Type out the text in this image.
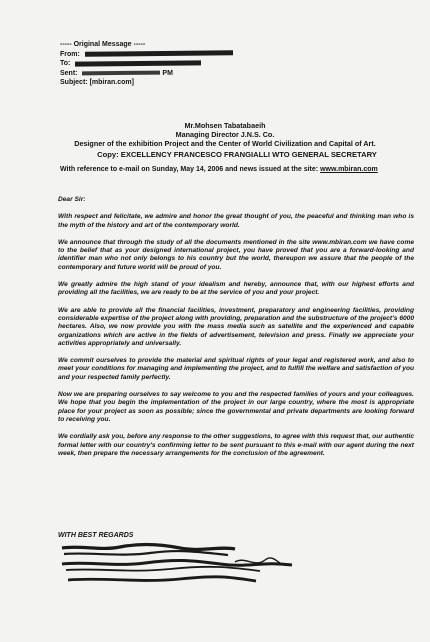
----- Original Message -----
From:
To:
Sent:	PM
Subject: [mbiran.com]
Mr.Mohsen Tabatabaeih
Managing Director J.N.S. Co.
Designer of the exhibition Project and the Center of World Civilization and Capital of Art.
Copy: EXCELLENCY FRANCESCO FRANGIALLI WTO GENERAL SECRETARY
With reference to e-mail on Sunday, May 14, 2006 and news issued at the site: www.mbiran.com

Dear Sir:

With respect and felicitate, we admire and honor the great thought of you, the peaceful and thinking man who is the myth of the history and art of the contemporary world.

We announce that through the study of all the documents mentioned in the site www.mbiran.com we have come to the belief that as your designed international project, you have proved that you are a forward-looking and identifier man who not only belongs to his country but the world, thereupon we assure that the people of the contemporary and future world will be proud of you.

We greatly admire the high stand of your idealism and hereby, announce that, with our highest efforts and providing all the facilities, we are ready to be at the service of you and your project.

We are able to provide all the financial facilities, investment, preparatory and engineering facilities, providing considerable expertise of the project along with providing, preparation and the substructure of the project's 6000 hectares. Also, we now provide you with the mass media such as satellite and the experienced and capable organizations which are active in the fields of advertisement, television and press. Finally we appreciate your activities appropriately and universally.

We commit ourselves to provide the material and spiritual rights of your legal and registered work, and also to meet your conditions for managing and implementing the project, and to fulfill the welfare and satisfaction of you and your respected family perfectly.

Now we are preparing ourselves to say welcome to you and the respected families of yours and your colleagues. We hope that you begin the implementation of the project in our large country, where the most is appropriate place for your project as soon as possible; since the governmental and private departments are looking forward to receiving you.

We cordially ask you, before any response to the other suggestions, to agree with this request that, our authentic formal letter with our country's confirming letter to be sent pursuant to this e-mail with our agent during the next week, then prepare the necessary arrangements for the conclusion of the agreement.

WITH BEST REGARDS
